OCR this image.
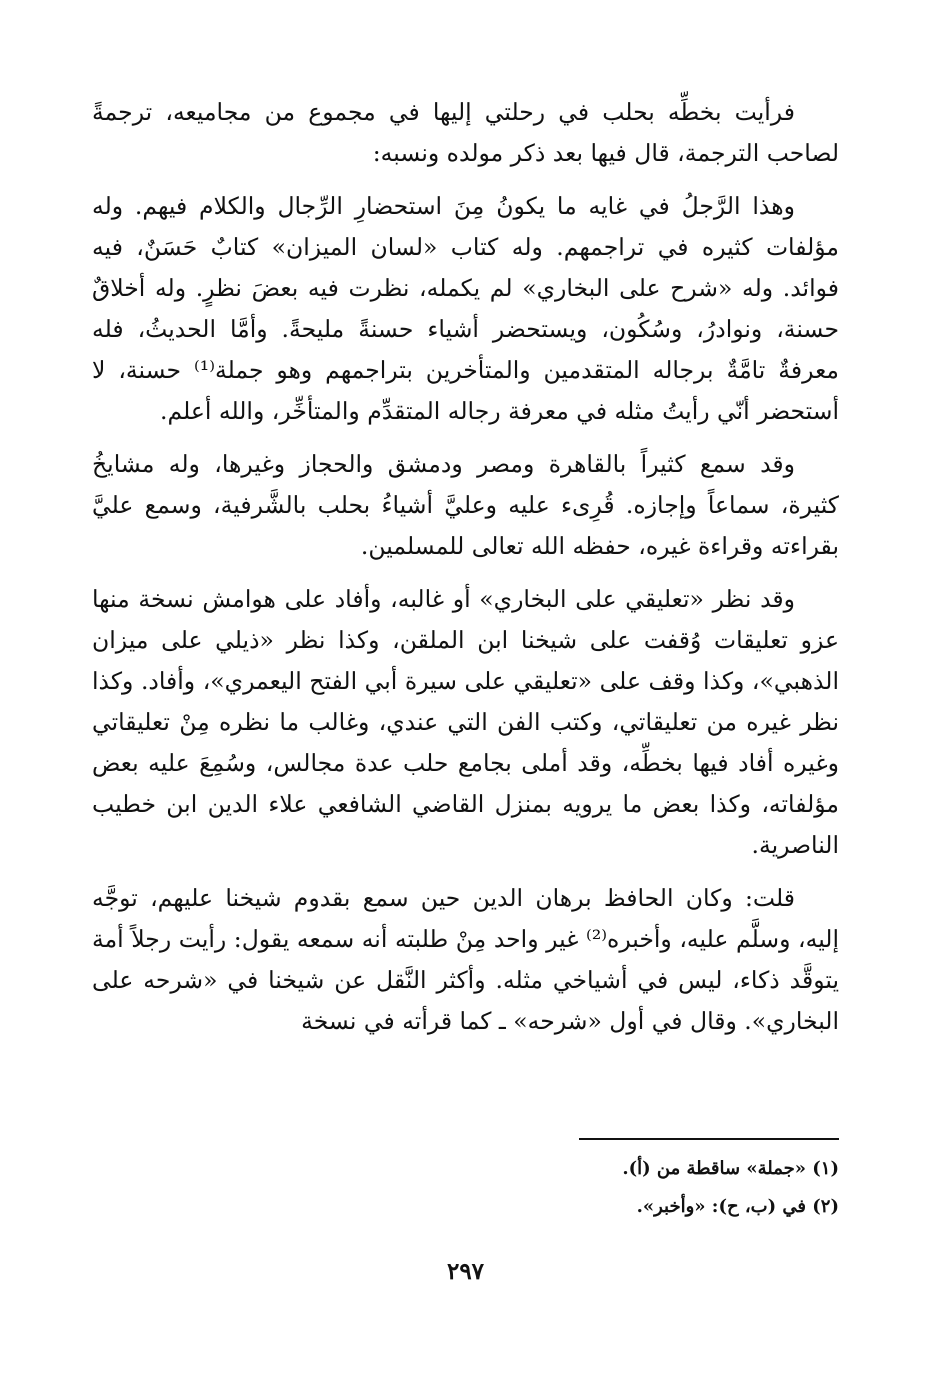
فرأيت بخطِّه بحلب في رحلتي إليها في مجموع من مجاميعه، ترجمةً لصاحب الترجمة، قال فيها بعد ذكر مولده ونسبه:

وهذا الرَّجلُ في غايه ما يكونُ مِنَ استحضارِ الرِّجال والكلام فيهم. وله مؤلفات كثيره في تراجمهم. وله كتاب «لسان الميزان» كتابٌ حَسَنٌ، فيه فوائد. وله «شرح على البخاري» لم يكمله، نظرت فيه بعضَ نظرٍ. وله أخلاقٌ حسنة، ونوادرُ، وسُكُون، ويستحضر أشياء حسنةً مليحةً. وأمَّا الحديثُ، فله معرفةٌ تامَّةٌ برجاله المتقدمين والمتأخرين بتراجمهم وهو جملة⁽¹⁾ حسنة، لا أستحضر أنّي رأيتُ مثله في معرفة رجاله المتقدِّم والمتأخِّر، والله أعلم.

وقد سمع كثيراً بالقاهرة ومصر ودمشق والحجاز وغيرها، وله مشايخُ كثيرة، سماعاً وإجازه. قُرِىء عليه وعليَّ أشياءُ بحلب بالشَّرفية، وسمع عليَّ بقراءته وقراءة غيره، حفظه الله تعالى للمسلمين.

وقد نظر «تعليقي على البخاري» أو غالبه، وأفاد على هوامش نسخة منها عزو تعليقات وُقفت على شيخنا ابن الملقن، وكذا نظر «ذيلي على ميزان الذهبي»، وكذا وقف على «تعليقي على سيرة أبي الفتح اليعمري»، وأفاد. وكذا نظر غيره من تعليقاتي، وكتب الفن التي عندي، وغالب ما نظره مِنْ تعليقاتي وغيره أفاد فيها بخطِّه، وقد أملى بجامع حلب عدة مجالس، وسُمِعَ عليه بعض مؤلفاته، وكذا بعض ما يرويه بمنزل القاضي الشافعي علاء الدين ابن خطيب الناصرية.

قلت: وكان الحافظ برهان الدين حين سمع بقدوم شيخنا عليهم، توجَّه إليه، وسلَّم عليه، وأخبره⁽²⁾ غير واحد مِنْ طلبته أنه سمعه يقول: رأيت رجلاً أمة يتوقَّد ذكاء، ليس في أشياخي مثله. وأكثر النَّقل عن شيخنا في «شرحه على البخاري». وقال في أول «شرحه» ـ كما قرأته في نسخة

(١) «جملة» ساقطة من (أ).

(٢) في (ب، ح): «وأخبر».

٢٩٧
